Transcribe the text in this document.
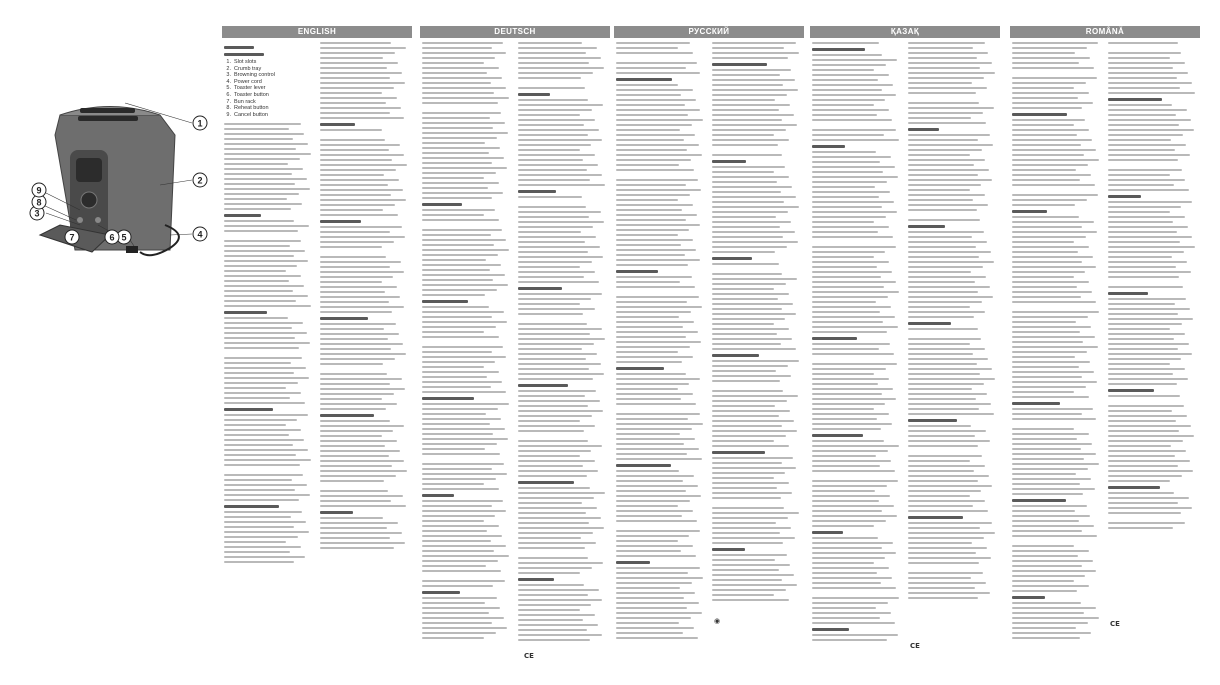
1
2
3
4
5
6
7
8
9
ENGLISH
1. Slot slots
2. Crumb tray
3. Browning control
4. Power cord
5. Toaster lever
6. Toaster button
7. Bun rack
8. Reheat button
9. Cancel button
DEUTSCH
CE
РУССКИЙ
◉
ҚАЗАҚ
CE
ROMÂNĂ
CE
